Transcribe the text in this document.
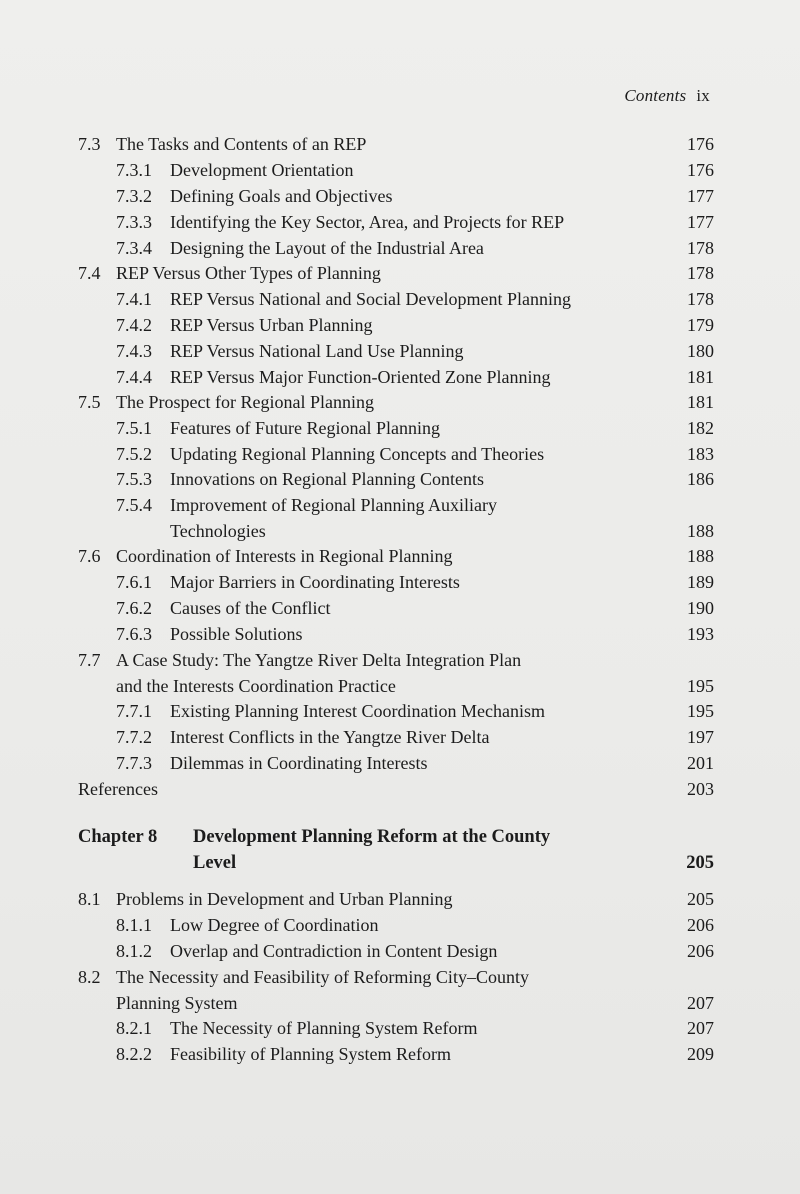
Contents ix
7.3 The Tasks and Contents of an REP	176
7.3.1 Development Orientation	176
7.3.2 Defining Goals and Objectives	177
7.3.3 Identifying the Key Sector, Area, and Projects for REP	177
7.3.4 Designing the Layout of the Industrial Area	178
7.4 REP Versus Other Types of Planning	178
7.4.1 REP Versus National and Social Development Planning	178
7.4.2 REP Versus Urban Planning	179
7.4.3 REP Versus National Land Use Planning	180
7.4.4 REP Versus Major Function-Oriented Zone Planning	181
7.5 The Prospect for Regional Planning	181
7.5.1 Features of Future Regional Planning	182
7.5.2 Updating Regional Planning Concepts and Theories	183
7.5.3 Innovations on Regional Planning Contents	186
7.5.4 Improvement of Regional Planning Auxiliary
Technologies	188
7.6 Coordination of Interests in Regional Planning	188
7.6.1 Major Barriers in Coordinating Interests	189
7.6.2 Causes of the Conflict	190
7.6.3 Possible Solutions	193
7.7 A Case Study: The Yangtze River Delta Integration Plan
and the Interests Coordination Practice	195
7.7.1 Existing Planning Interest Coordination Mechanism	195
7.7.2 Interest Conflicts in the Yangtze River Delta	197
7.7.3 Dilemmas in Coordinating Interests	201
References	203
Chapter 8 Development Planning Reform at the County
Level	205
8.1 Problems in Development and Urban Planning	205
8.1.1 Low Degree of Coordination	206
8.1.2 Overlap and Contradiction in Content Design	206
8.2 The Necessity and Feasibility of Reforming City–County
Planning System	207
8.2.1 The Necessity of Planning System Reform	207
8.2.2 Feasibility of Planning System Reform	209
